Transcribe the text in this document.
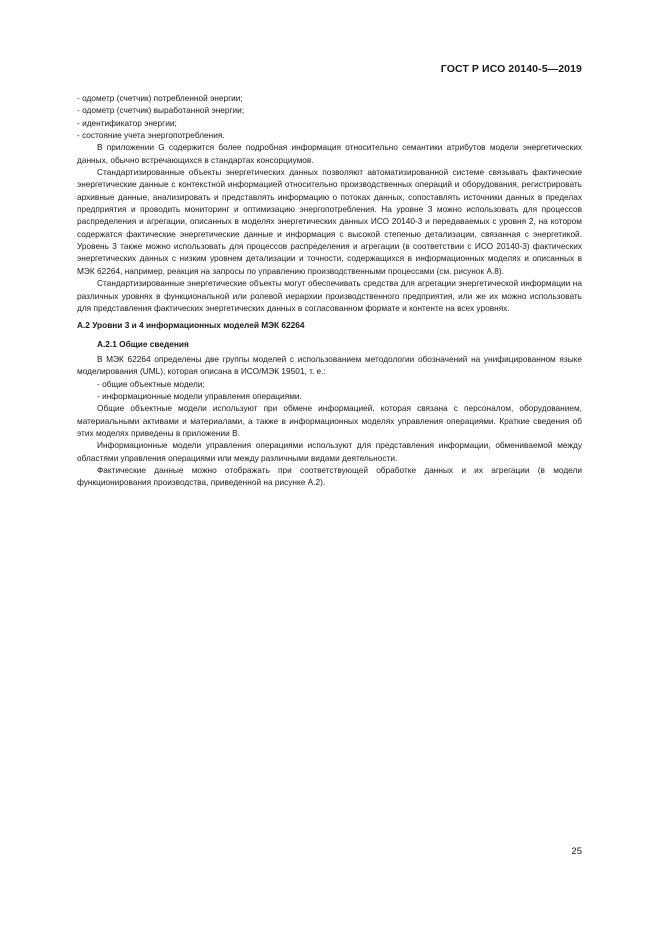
ГОСТ Р ИСО 20140-5—2019
- одометр (счетчик) потребленной энергии;
- одометр (счетчик) выработанной энергии;
- идентификатор энергии;
- состояние учета энергопотребления.
В приложении G содержится более подробная информация относительно семантики атрибутов модели энергетических данных, обычно встречающихся в стандартах консорциумов.
Стандартизированные объекты энергетических данных позволяют автоматизированной системе связывать фактические энергетические данные с контекстной информацией относительно производственных операций и оборудования, регистрировать архивные данные, анализировать и представлять информацию о потоках данных, сопоставлять источники данных в пределах предприятия и проводить мониторинг и оптимизацию энергопотребления. На уровне 3 можно использовать для процессов распределения и агрегации, описанных в моделях энергетических данных ИСО 20140-3 и передаваемых с уровня 2, на котором содержатся фактические энергетические данные и информация с высокой степенью детализации, связанная с энергетикой. Уровень 3 также можно использовать для процессов распределения и агрегации (в соответствии с ИСО 20140-3) фактических энергетических данных с низким уровнем детализации и точности, содержащихся в информационных моделях и описанных в МЭК 62264, например, реакция на запросы по управлению производственными процессами (см. рисунок А.8).
Стандартизированные энергетические объекты могут обеспечивать средства для агрегации энергетической информации на различных уровнях в функциональной или ролевой иерархии производственного предприятия, или же их можно использовать для представления фактических энергетических данных в согласованном формате и контенте на всех уровнях.
А.2 Уровни 3 и 4 информационных моделей МЭК 62264
А.2.1 Общие сведения
В МЭК 62264 определены две группы моделей с использованием методологии обозначений на унифицированном языке моделирования (UML), которая описана в ИСО/МЭК 19501, т. е.:
- общие объектные модели;
- информационные модели управления операциями.
Общие объектные модели используют при обмене информацией, которая связана с персоналом, оборудованием, материальными активами и материалами, а также в информационных моделях управления операциями. Краткие сведения об этих моделях приведены в приложении В.
Информационные модели управления операциями используют для представления информации, обмениваемой между областями управления операциями или между различными видами деятельности.
Фактические данные можно отображать при соответствующей обработке данных и их агрегации (в модели функционирования производства, приведенной на рисунке А.2).
25
